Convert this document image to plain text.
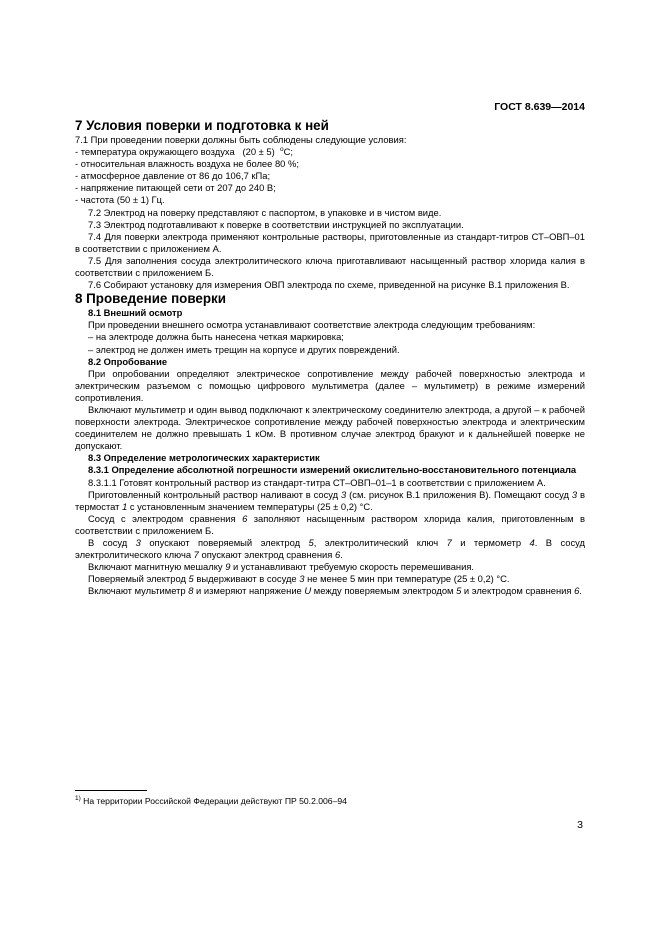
ГОСТ 8.639—2014
7 Условия поверки и подготовка к ней

7.1 При проведении поверки должны быть соблюдены следующие условия:

- температура окружающего воздуха   (20 ± 5)  $^о$С;

- относительная влажность воздуха не более 80 %;

- атмосферное давление от 86 до 106,7 кПа;

- напряжение питающей сети от 207 до 240 В;

- частота (50 ± 1) Гц.

7.2 Электрод на поверку представляют с паспортом, в упаковке и в чистом виде.

7.3 Электрод подготавливают к поверке в соответствии инструкцией по эксплуатации.

7.4 Для поверки электрода применяют контрольные растворы, приготовленные из стандарт-титров СТ–ОВП–01 в соответствии с приложением А.

7.5 Для заполнения сосуда электролитического ключа приготавливают насыщенный раствор хлорида калия в соответствии с приложением Б.

7.6 Собирают установку для измерения ОВП электрода по схеме, приведенной на рисунке В.1 приложения В.

8 Проведение поверки

8.1 Внешний осмотр

При проведении внешнего осмотра устанавливают соответствие электрода следующим требованиям:

– на электроде должна быть нанесена четкая маркировка;

– электрод не должен иметь трещин на корпусе и других повреждений.

8.2 Опробование

При опробовании определяют электрическое сопротивление между рабочей поверхностью электрода и электрическим разъемом с помощью цифрового мультиметра (далее – мультиметр) в режиме измерений сопротивления.

Включают мультиметр и один вывод подключают к электрическому соединителю электрода, а другой – к рабочей поверхности электрода. Электрическое сопротивление между рабочей поверхностью электрода и электрическим соединителем не должно превышать 1 кОм. В противном случае электрод бракуют и к дальнейшей поверке не допускают.

8.3 Определение метрологических характеристик

8.3.1 Определение абсолютной погрешности измерений окислительно-восстановительного потенциала

8.3.1.1 Готовят контрольный раствор из стандарт-титра СТ–ОВП–01–1 в соответствии с приложением А.

Приготовленный контрольный раствор наливают в сосуд 3 (см. рисунок В.1 приложения В). Помещают сосуд 3 в термостат 1 с установленным значением температуры (25 ± 0,2) °С.

Сосуд с электродом сравнения 6 заполняют насыщенным раствором хлорида калия, приготовленным в соответствии с приложением Б.

В сосуд 3 опускают поверяемый электрод 5, электролитический ключ 7 и термометр 4. В сосуд электролитического ключа 7 опускают электрод сравнения 6.

Включают магнитную мешалку 9 и устанавливают требуемую скорость перемешивания.

Поверяемый электрод 5 выдерживают в сосуде 3 не менее 5 мин при температуре (25 ± 0,2) °С.

Включают мультиметр 8 и измеряют напряжение U между поверяемым электродом 5 и электродом сравнения 6.

$^{1)}$ На территории Российской Федерации действуют ПР 50.2.006–94
3
